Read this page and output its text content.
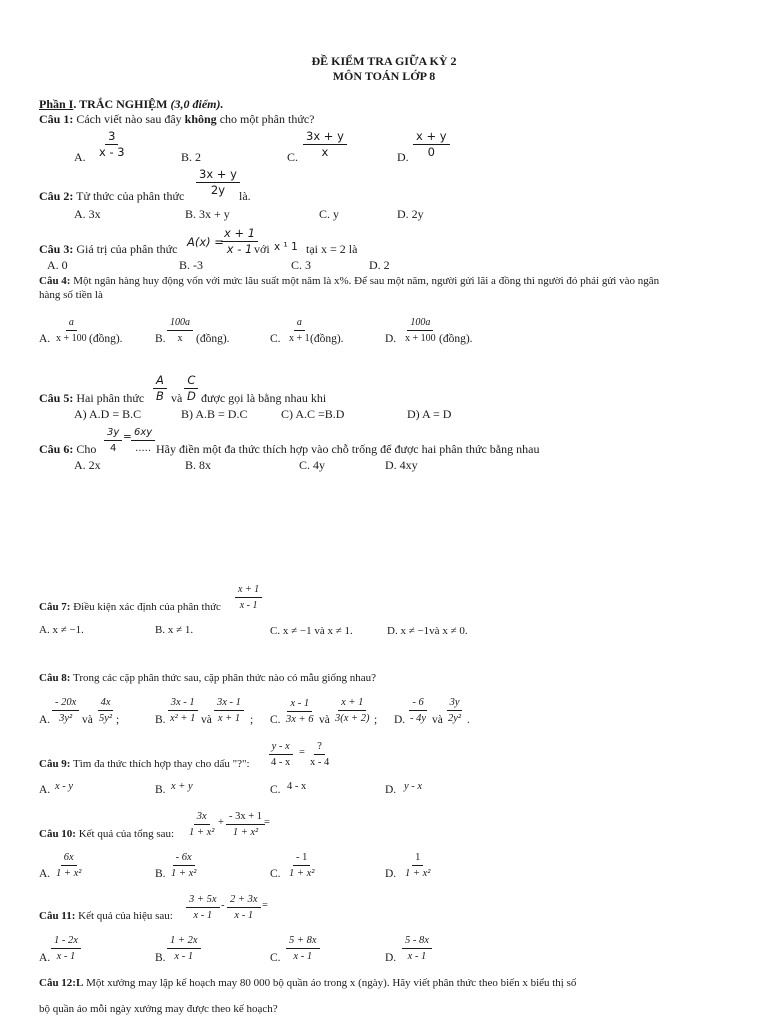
ĐỀ KIỂM TRA GIỮA KỲ 2
MÔN TOÁN LỚP 8
Phần I. TRẮC NGHIỆM (3,0 điểm).
Câu 1: Cách viết nào sau đây không cho một phân thức?
A. $\frac{3}{x - 3}$	B. 2	C. $\frac{3x + y}{x}$	D. $\frac{x + y}{0}$
Câu 2: Tử thức của phân thức $\frac{3x + y}{2y}$ là.
A. 3x	B. 3x + y	C. y	D. 2y
Câu 3: Giá trị của phân thức A(x) =
$\frac{x + 1}{x - 1}$
với x ¹ 1 tại x = 2 là
A. 0	B. -3	C. 3	D. 2
Câu 4: Một ngân hàng huy động vốn với mức lãu suất một năm là x%. Để sau một năm, người gửi lãi a đồng thì người đó phải gửi vào ngân
hàng số tiền là
A. $\frac{a}{x + 100}$ (đồng).	B. $\frac{100a}{x}$ (đồng).	C. $\frac{a}{x + 1}$
(đồng).	D. $\frac{100a}{x + 100}$ (đồng).
Câu 5: Hai phân thức $\frac{A}{B}$ và $\frac{C}{D}$ được gọi là bằng nhau khi
A) A.D = B.C	B) A.B = D.C	C) A.C =B.D	D) A = D
Câu 6: Cho $\frac{3y}{4} = 6xy$
..... Hãy điền một đa thức thích hợp vào chỗ trống để được hai phân thức bằng nhau
A. 2x	B. 8x	C. 4y	D. 4xy
Câu 7: Điều kiện xác định của phân thức $\frac{x + 1}{x - 1}$
A. x ≠ −1.	B. x ≠ 1.	C. x ≠ −1 và x ≠ 1.	D. x ≠ −1và x ≠ 0.
Câu 8: Trong các cặp phân thức sau, cặp phân thức nào có mẫu giống nhau?
A. $\frac{- 20x}{\text{3y²}}$ và $\frac{4x}{\text{5y²}}$ ;	B. $\frac{3x - 1}{\text{x² + 1}}$ và $\frac{3x - 1}{x + 1}$ ; C. $\frac{x - 1}{3x + 6}$ và $\frac{x + 1}{3(x + 2)}$ ; D. $\frac{- 6}{- 4y}$ và $\frac{3y}{\text{2y²}}$ .
Câu 9: Tìm đa thức thích hợp thay cho dấu "?": $\frac{y - x}{4 - x}$ =
?
x - 4
A. x - y	B. x + y	C. 4 - x	D. y - x
Câu 10: Kết quả của tổng sau: $\frac{3x}{\text{1 + x²}} + \frac{- 3x + 1}{\text{1 + x²}}$
=
A. $\frac{6x}{\text{1 + x²}}$	B. $\frac{- 6x}{\text{1 + x²}}$	C. $\frac{- 1}{\text{1 + x²}}$	D. $\frac{1}{\text{1 + x²}}$
Câu 11: Kết quả của hiệu sau: $\frac{3 + 5x}{x - 1} - \frac{2 + 3x}{x - 1}$ =
A. $\frac{1 - 2x}{x - 1}$	B. $\frac{1 + 2x}{x - 1}$	C. $\frac{5 + 8x}{x - 1}$	D. $\frac{5 - 8x}{x - 1}$
Câu 12:L Một xưởng may lập kế hoạch may 80 000 bộ quần áo trong x (ngày). Hãy viết phân thức theo biến x biểu thị số
bộ quần áo mỗi ngày xưởng may được theo kế hoạch?
